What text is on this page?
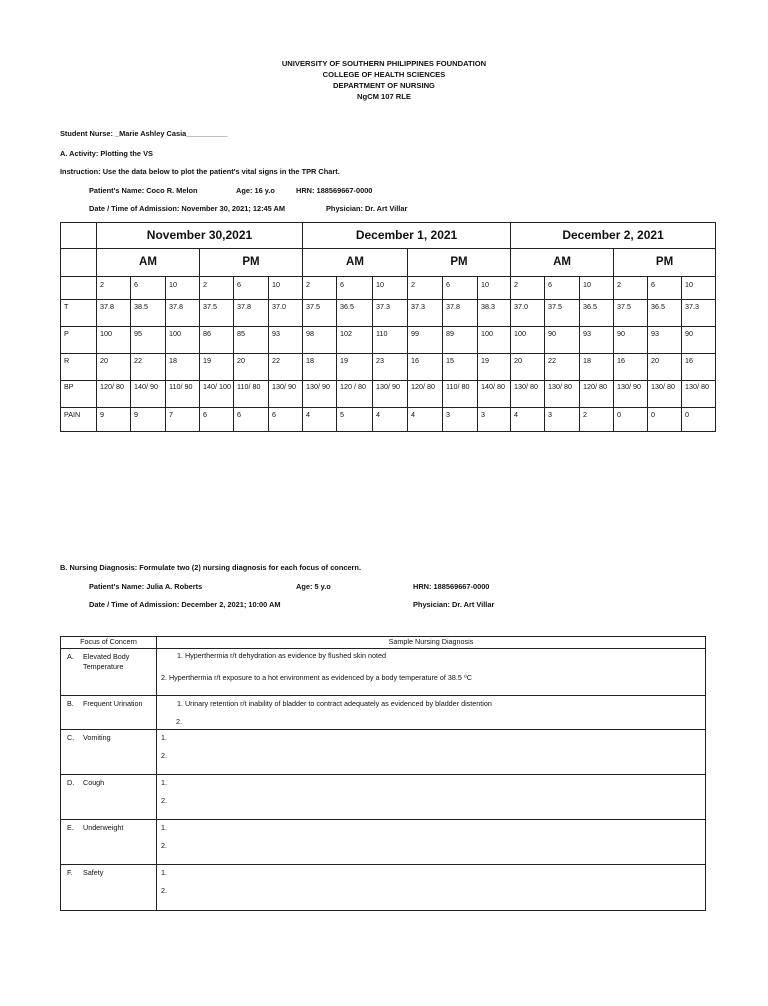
UNIVERSITY OF SOUTHERN PHILIPPINES FOUNDATION
COLLEGE OF HEALTH SCIENCES
DEPARTMENT OF NURSING
NgCM 107 RLE
Student Nurse: _Marie Ashley Casia__________
A. Activity: Plotting the VS
Instruction: Use the data below to plot the patient's vital signs in the TPR Chart.
Patient's Name: Coco R. Melon	Age: 16 y.o	HRN: 188569667-0000
Date / Time of Admission: November 30, 2021; 12:45 AM	Physician: Dr. Art Villar
	November 30,2021						December 1, 2021						December 2, 2021					
	AM			PM			AM			PM			AM			PM		
	2	6	10	2	6	10	2	6	10	2	6	10	2	6	10	2	6	10
T	37.8	38.5	37.8	37.5	37.8	37.0	37.5	36.5	37.3	37.3	37.8	38.3	37.0	37.5	36.5	37.5	36.5	37.3
P	100	95	100	86	85	93	98	102	110	99	89	100	100	90	93	90	93	90
R	20	22	18	19	20	22	18	19	23	16	15	19	20	22	18	16	20	16
BP	120/ 80	140/ 90	110/ 90	140/ 100	110/ 80	130/ 90	130/ 90	120 / 80	130/ 90	120/ 80	110/ 80	140/ 80	130/ 80	130/ 80	120/ 80	130/ 90	130/ 80	130/ 80
PAIN	9	9	7	6	6	6	4	5	4	4	3	3	4	3	2	0	0	0
B. Nursing Diagnosis: Formulate two (2) nursing diagnosis for each focus of concern.
Patient's Name: Julia A. Roberts	Age: 5 y.o	HRN: 188569667-0000
Date / Time of Admission: December 2, 2021; 10:00 AM	Physician: Dr. Art Villar
Focus of Concern	Sample Nursing Diagnosis

A. Elevated Body Temperature	1. Hyperthermia r/t dehydration as evidence by flushed skin noted
2. Hyperthermia r/t exposure to a hot environment as evidenced by a body temperature of 38.5 ⁰C

B. Frequent Urination	1. Urinary retention r/t inability of bladder to contract adequately as evidenced by bladder distention
2.

C. Vomiting	1.
2.

D. Cough	1.
2.

E. Underweight	1.
2.

F. Safety	1.
2.
